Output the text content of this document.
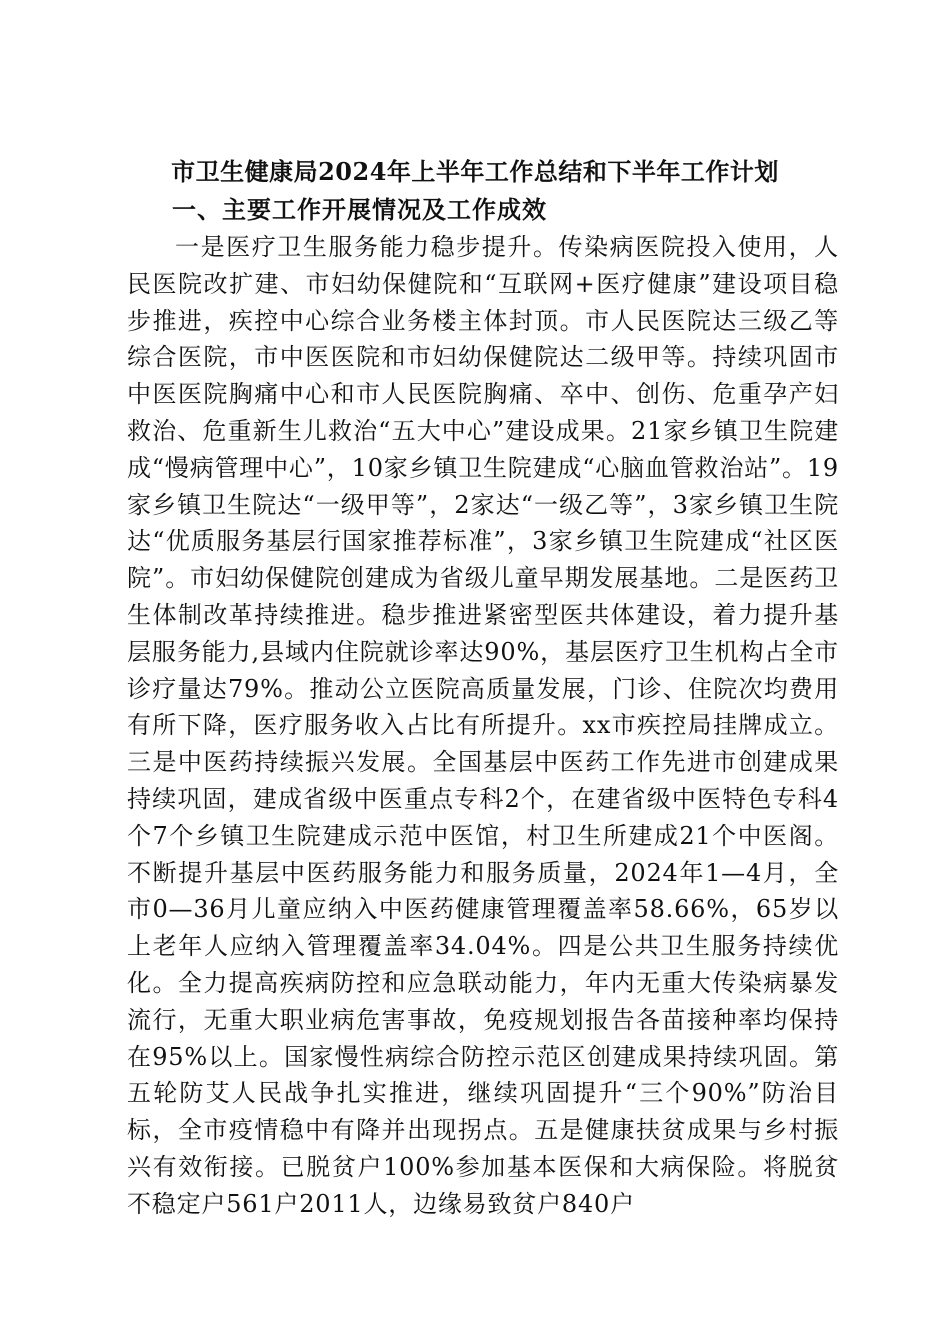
市卫生健康局2024年上半年工作总结和下半年工作计划
一、主要工作开展情况及工作成效

一是医疗卫生服务能力稳步提升。传染病医院投入使用，人民医院改扩建、市妇幼保健院和“互联网+医疗健康”建设项目稳步推进，疾控中心综合业务楼主体封顶。市人民医院达三级乙等综合医院，市中医医院和市妇幼保健院达二级甲等。持续巩固市中医医院胸痛中心和市人民医院胸痛、卒中、创伤、危重孕产妇救治、危重新生儿救治“五大中心”建设成果。21家乡镇卫生院建成“慢病管理中心”，10家乡镇卫生院建成“心脑血管救治站”。19家乡镇卫生院达“一级甲等”，2家达“一级乙等”，3家乡镇卫生院达“优质服务基层行国家推荐标准”，3家乡镇卫生院建成“社区医院”。市妇幼保健院创建成为省级儿童早期发展基地。二是医药卫生体制改革持续推进。稳步推进紧密型医共体建设，着力提升基层服务能力,县域内住院就诊率达90%，基层医疗卫生机构占全市诊疗量达79%。推动公立医院高质量发展，门诊、住院次均费用有所下降，医疗服务收入占比有所提升。xx市疾控局挂牌成立。三是中医药持续振兴发展。全国基层中医药工作先进市创建成果持续巩固，建成省级中医重点专科2个，在建省级中医特色专科4个7个乡镇卫生院建成示范中医馆，村卫生所建成21个中医阁。不断提升基层中医药服务能力和服务质量，2024年1—4月，全市0—36月儿童应纳入中医药健康管理覆盖率58.66%，65岁以上老年人应纳入管理覆盖率34.04%。四是公共卫生服务持续优化。全力提高疾病防控和应急联动能力，年内无重大传染病暴发流行，无重大职业病危害事故，免疫规划报告各苗接种率均保持在95%以上。国家慢性病综合防控示范区创建成果持续巩固。第五轮防艾人民战争扎实推进，继续巩固提升“三个90%”防治目标，全市疫情稳中有降并出现拐点。五是健康扶贫成果与乡村振兴有效衔接。已脱贫户100%参加基本医保和大病保险。将脱贫不稳定户561户2011人，边缘易致贫户840户
